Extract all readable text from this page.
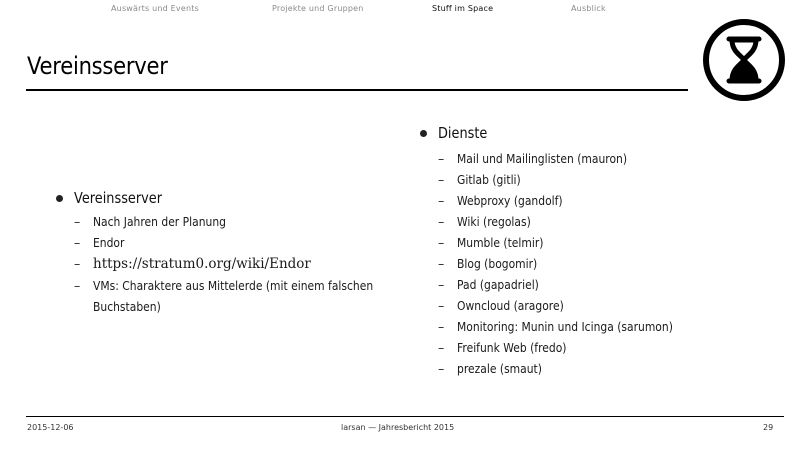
Auswärts und Events	Projekte und Gruppen	Stuff im Space	Ausblick
Vereinsserver
Vereinsserver
–	Nach Jahren der Planung
–	Endor
– https://stratum0.org/wiki/Endor
–	VMs: Charaktere aus Mittelerde (mit einem falschen
Buchstaben)
Dienste
–	Mail und Mailinglisten (mauron)
–	Gitlab (gitli)
–	Webproxy (gandolf)
–	Wiki (regolas)
–	Mumble (telmir)
–	Blog (bogomir)
–	Pad (gapadriel)
–	Owncloud (aragore)
–	Monitoring: Munin und Icinga (sarumon)
–	Freifunk Web (fredo)
–	prezale (smaut)
2015-12-06	larsan — Jahresbericht 2015	29
